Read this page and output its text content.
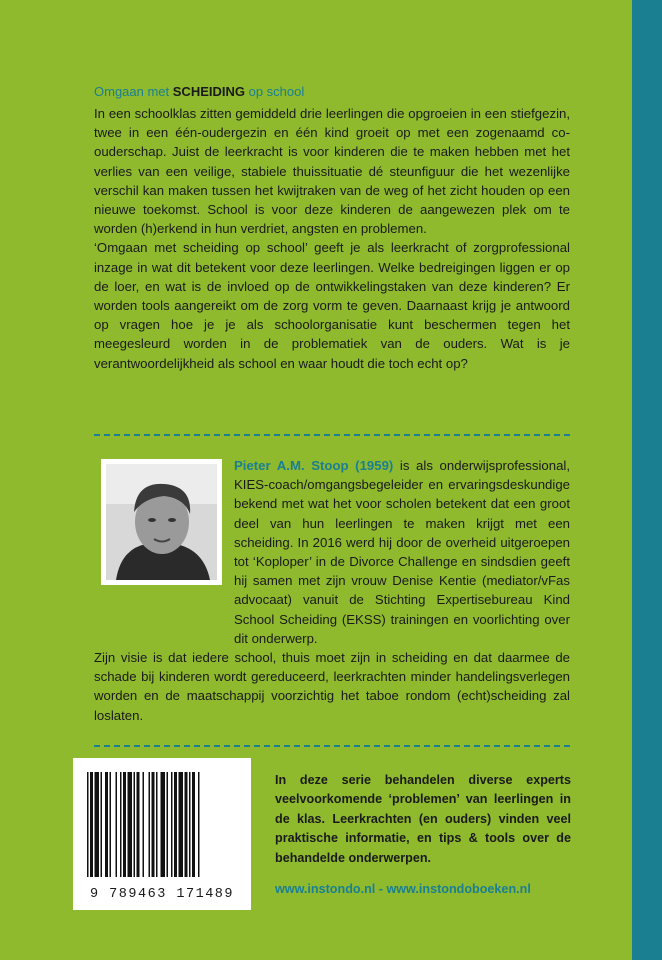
Omgaan met SCHEIDING op school

In een schoolklas zitten gemiddeld drie leerlingen die opgroeien in een stiefgezin, twee in een één-oudergezin en één kind groeit op met een zogenaamd co-ouderschap. Juist de leerkracht is voor kinderen die te maken hebben met het verlies van een veilige, stabiele thuissituatie dé steunfiguur die het wezenlijke verschil kan maken tussen het kwijtraken van de weg of het zicht houden op een nieuwe toekomst. School is voor deze kinderen de aangewezen plek om te worden (h)erkend in hun verdriet, angsten en problemen.

‘Omgaan met scheiding op school’ geeft je als leerkracht of zorgprofessional inzage in wat dit betekent voor deze leerlingen. Welke bedreigingen liggen er op de loer, en wat is de invloed op de ontwikkelingstaken van deze kinderen? Er worden tools aangereikt om de zorg vorm te geven. Daarnaast krijg je antwoord op vragen hoe je je als schoolorganisatie kunt beschermen tegen het meegesleurd worden in de problematiek van de ouders. Wat is je verantwoordelijkheid als school en waar houdt die toch echt op?

Pieter A.M. Stoop (1959) is als onderwijsprofessional, KIES-coach/omgangsbegeleider en ervaringsdeskundige bekend met wat het voor scholen betekent dat een groot deel van hun leerlingen te maken krijgt met een scheiding. In 2016 werd hij door de overheid uitgeroepen tot ‘Koploper’ in de Divorce Challenge en sindsdien geeft hij samen met zijn vrouw Denise Kentie (mediator/vFas advocaat) vanuit de Stichting Expertisebureau Kind School Scheiding (EKSS) trainingen en voorlichting over dit onderwerp.
Zijn visie is dat iedere school, thuis moet zijn in scheiding en dat daarmee de schade bij kinderen wordt gereduceerd, leerkrachten minder handelingsverlegen worden en de maatschappij voorzichtig het taboe rondom (echt)scheiding zal loslaten.
9 789463 171489
In deze serie behandelen diverse experts veelvoorkomende ‘problemen’ van leerlingen in de klas. Leerkrachten (en ouders) vinden veel praktische informatie, en tips & tools over de behandelde onderwerpen.
www.instondo.nl - www.instondoboeken.nl
